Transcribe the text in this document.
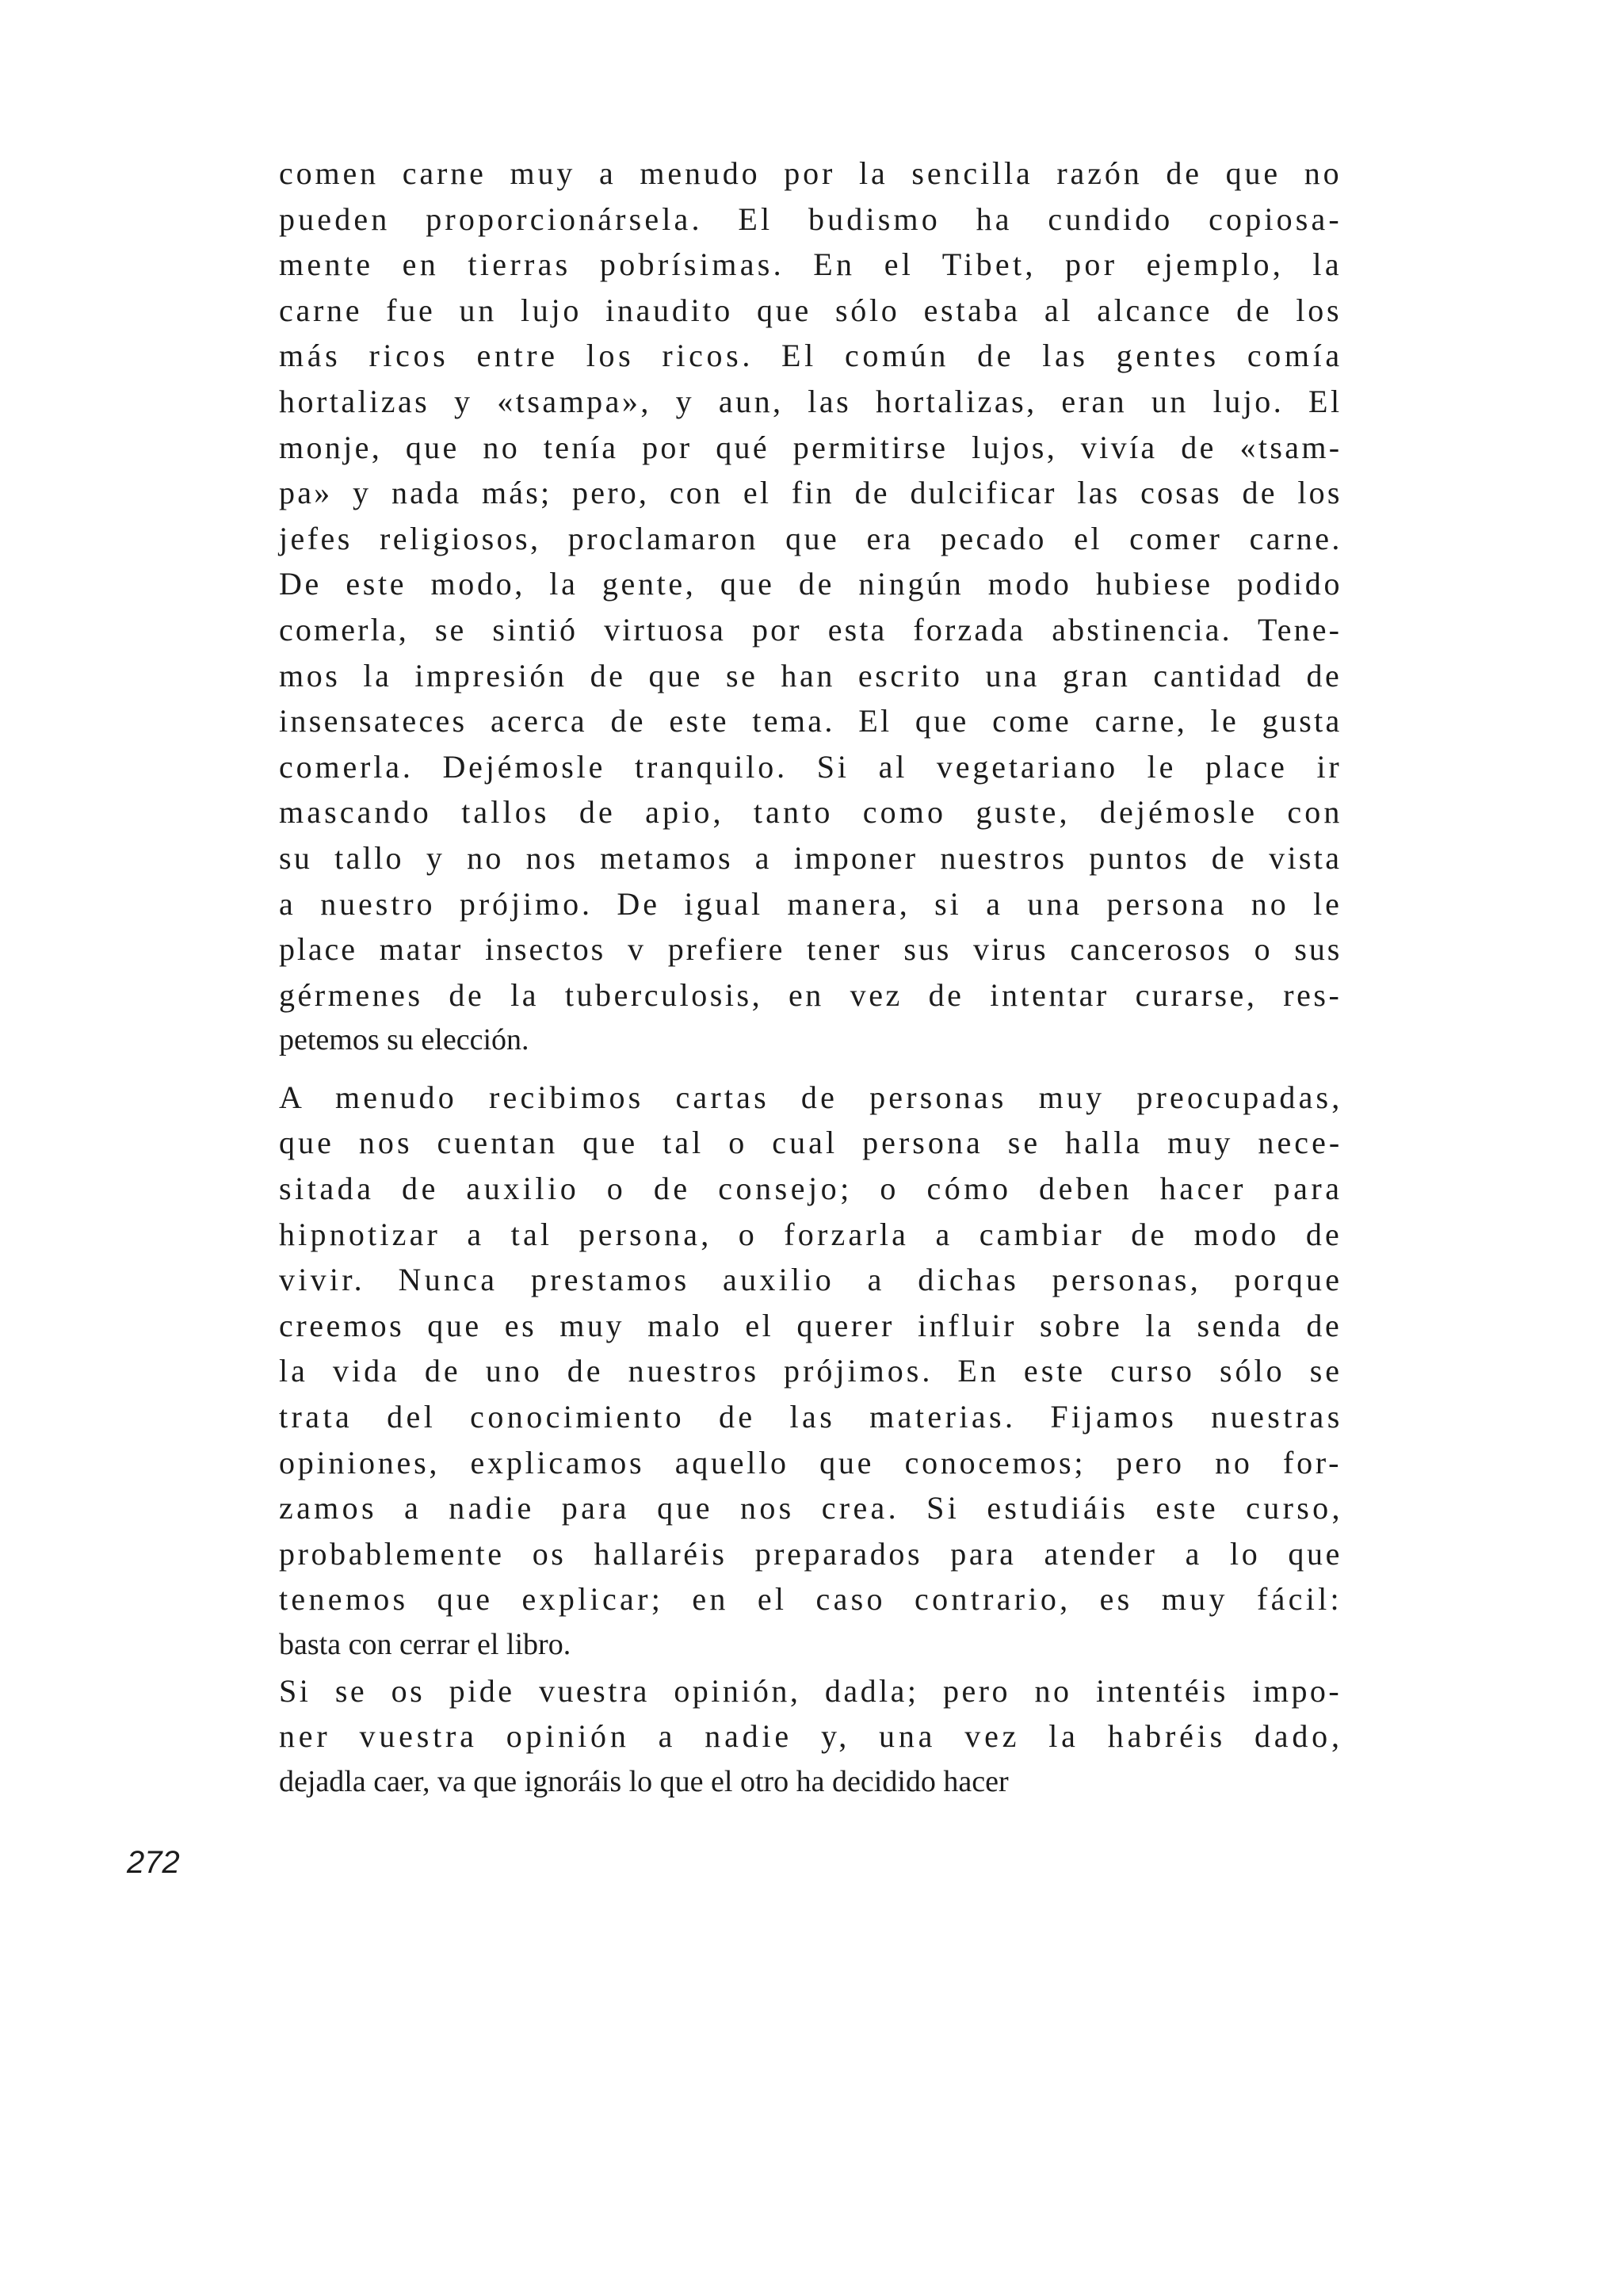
comen carne muy a menudo por la sencilla razón de que no
pueden proporcionársela. El budismo ha cundido copiosa-
mente en tierras pobrísimas. En el Tibet, por ejemplo, la
carne fue un lujo inaudito que sólo estaba al alcance de los
más ricos entre los ricos. El común de las gentes comía
hortalizas y «tsampa», y aun, las hortalizas, eran un lujo. El
monje, que no tenía por qué permitirse lujos, vivía de «tsam-
pa» y nada más; pero, con el fin de dulcificar las cosas de los
jefes religiosos, proclamaron que era pecado el comer carne.
De este modo, la gente, que de ningún modo hubiese podido
comerla, se sintió virtuosa por esta forzada abstinencia. Tene-
mos la impresión de que se han escrito una gran cantidad de
insensateces acerca de este tema. El que come carne, le gusta
comerla. Dejémosle tranquilo. Si al vegetariano le place ir
mascando tallos de apio, tanto como guste, dejémosle con
su tallo y no nos metamos a imponer nuestros puntos de vista
a nuestro prójimo. De igual manera, si a una persona no le
place matar insectos v prefiere tener sus virus cancerosos o sus
gérmenes de la tuberculosis, en vez de intentar curarse, res-
petemos su elección.
A menudo recibimos cartas de personas muy preocupadas,
que nos cuentan que tal o cual persona se halla muy nece-
sitada de auxilio o de consejo; o cómo deben hacer para
hipnotizar a tal persona, o forzarla a cambiar de modo de
vivir. Nunca prestamos auxilio a dichas personas, porque
creemos que es muy malo el querer influir sobre la senda de
la vida de uno de nuestros prójimos. En este curso sólo se
trata del conocimiento de las materias. Fijamos nuestras
opiniones, explicamos aquello que conocemos; pero no for-
zamos a nadie para que nos crea. Si estudiáis este curso,
probablemente os hallaréis preparados para atender a lo que
tenemos que explicar; en el caso contrario, es muy fácil:
basta con cerrar el libro.
Si se os pide vuestra opinión, dadla; pero no intentéis impo-
ner vuestra opinión a nadie y, una vez la habréis dado,
dejadla caer, va que ignoráis lo que el otro ha decidido hacer
272
